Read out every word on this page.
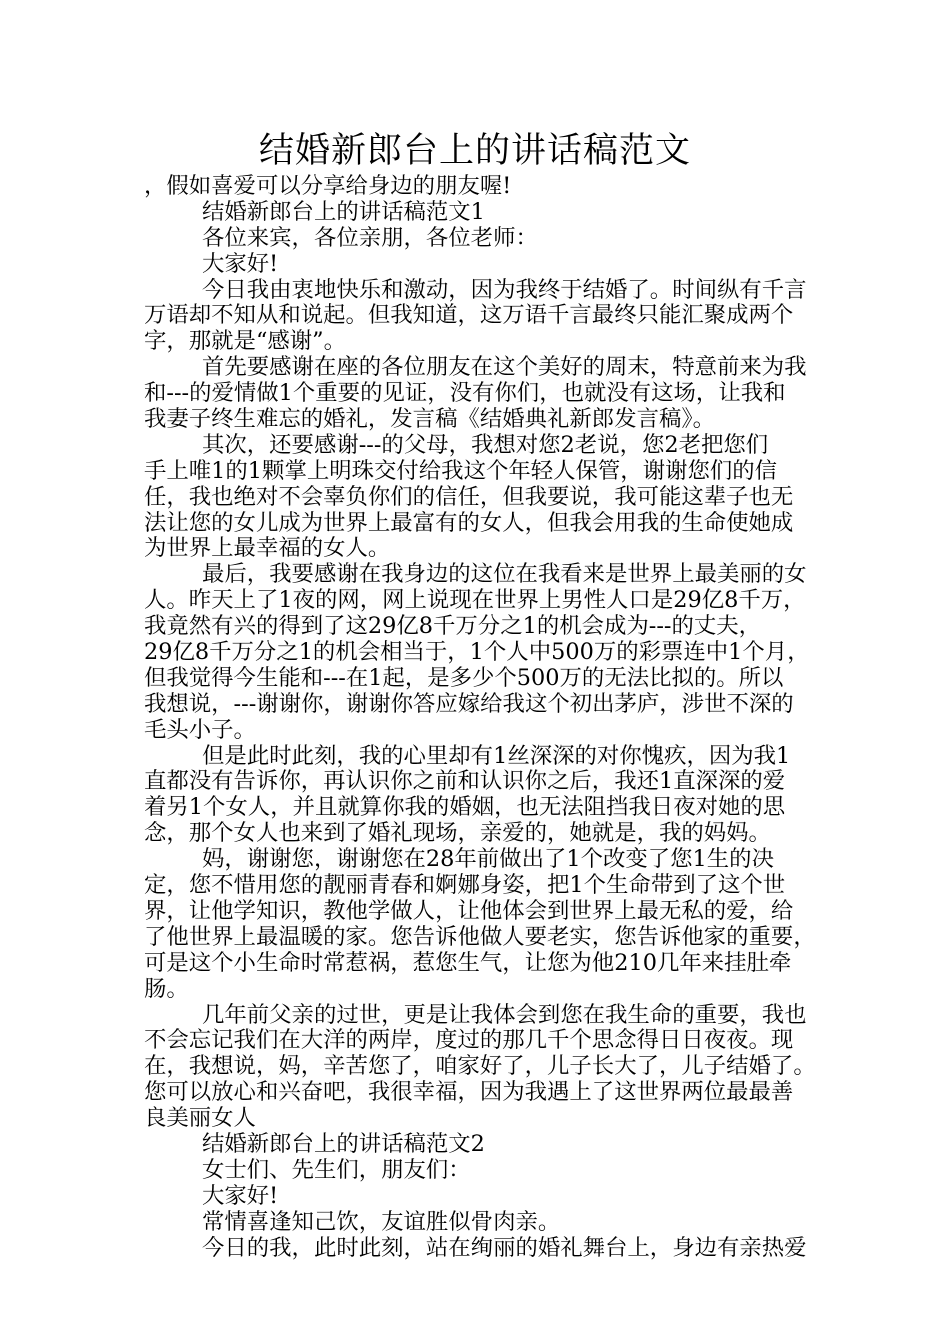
结婚新郎台上的讲话稿范文
，假如喜爱可以分享给身边的朋友喔!
结婚新郎台上的讲话稿范文1
各位来宾，各位亲朋，各位老师：
大家好!
今日我由衷地快乐和激动，因为我终于结婚了。时间纵有千言
万语却不知从和说起。但我知道，这万语千言最终只能汇聚成两个
字，那就是“感谢”。
首先要感谢在座的各位朋友在这个美好的周末，特意前来为我
和---的爱情做1个重要的见证，没有你们，也就没有这场，让我和
我妻子终生难忘的婚礼，发言稿《结婚典礼新郎发言稿》。
其次，还要感谢---的父母，我想对您2老说，您2老把您们
手上唯1的1颗掌上明珠交付给我这个年轻人保管，谢谢您们的信
任，我也绝对不会辜负你们的信任，但我要说，我可能这辈子也无
法让您的女儿成为世界上最富有的女人，但我会用我的生命使她成
为世界上最幸福的女人。
最后，我要感谢在我身边的这位在我看来是世界上最美丽的女
人。昨天上了1夜的网，网上说现在世界上男性人口是29亿8千万，
我竟然有兴的得到了这29亿8千万分之1的机会成为---的丈夫，
29亿8千万分之1的机会相当于，1个人中500万的彩票连中1个月，
但我觉得今生能和---在1起，是多少个500万的无法比拟的。所以
我想说，---谢谢你，谢谢你答应嫁给我这个初出茅庐，涉世不深的
毛头小子。
但是此时此刻，我的心里却有1丝深深的对你愧疚，因为我1
直都没有告诉你，再认识你之前和认识你之后，我还1直深深的爱
着另1个女人，并且就算你我的婚姻，也无法阻挡我日夜对她的思
念，那个女人也来到了婚礼现场，亲爱的，她就是，我的妈妈。
妈，谢谢您，谢谢您在28年前做出了1个改变了您1生的决
定，您不惜用您的靓丽青春和婀娜身姿，把1个生命带到了这个世
界，让他学知识，教他学做人，让他体会到世界上最无私的爱，给
了他世界上最温暖的家。您告诉他做人要老实，您告诉他家的重要，
可是这个小生命时常惹祸，惹您生气，让您为他210几年来挂肚牵
肠。
几年前父亲的过世，更是让我体会到您在我生命的重要，我也
不会忘记我们在大洋的两岸，度过的那几千个思念得日日夜夜。现
在，我想说，妈，辛苦您了，咱家好了，儿子长大了，儿子结婚了。
您可以放心和兴奋吧，我很幸福，因为我遇上了这世界两位最最善
良美丽女人
结婚新郎台上的讲话稿范文2
女士们、先生们，朋友们：
大家好!
常情喜逢知己饮，友谊胜似骨肉亲。
今日的我，此时此刻，站在绚丽的婚礼舞台上，身边有亲热爱
